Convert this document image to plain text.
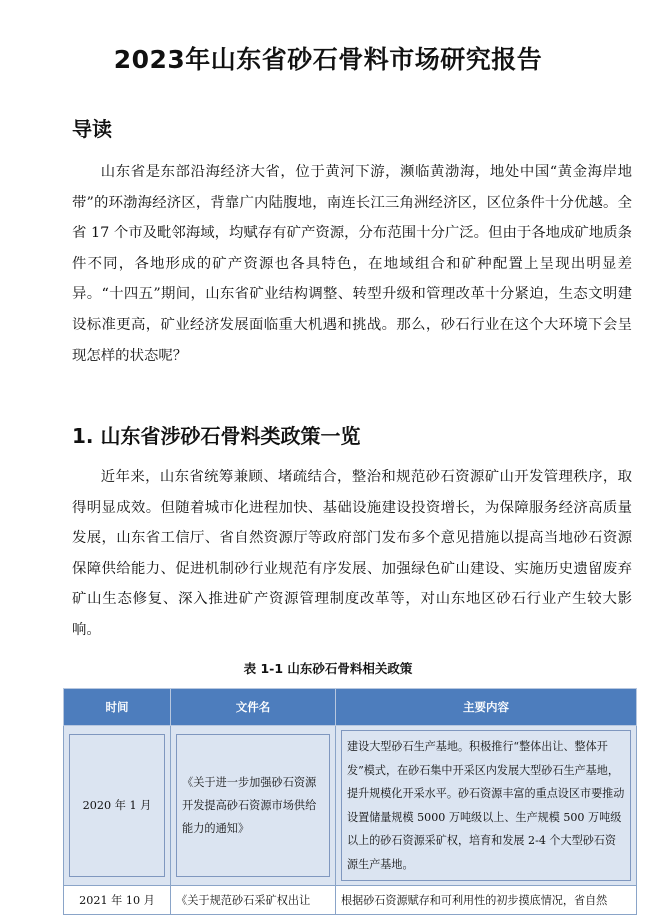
2023年山东省砂石骨料市场研究报告
导读

山东省是东部沿海经济大省，位于黄河下游，濒临黄渤海，地处中国“黄金海岸地带”的环渤海经济区，背靠广内陆腹地，南连长江三角洲经济区，区位条件十分优越。全省 17 个市及毗邻海域，均赋存有矿产资源，分布范围十分广泛。但由于各地成矿地质条件不同，各地形成的矿产资源也各具特色，在地域组合和矿种配置上呈现出明显差异。“十四五”期间，山东省矿业结构调整、转型升级和管理改革十分紧迫，生态文明建设标准更高，矿业经济发展面临重大机遇和挑战。那么，砂石行业在这个大环境下会呈现怎样的状态呢？

1. 山东省涉砂石骨料类政策一览

近年来，山东省统筹兼顾、堵疏结合，整治和规范砂石资源矿山开发管理秩序，取得明显成效。但随着城市化进程加快、基础设施建设投资增长，为保障服务经济高质量发展，山东省工信厅、省自然资源厅等政府部门发布多个意见措施以提高当地砂石资源保障供给能力、促进机制砂行业规范有序发展、加强绿色矿山建设、实施历史遗留废弃矿山生态修复、深入推进矿产资源管理制度改革等，对山东地区砂石行业产生较大影响。

表 1-1 山东砂石骨料相关政策
时间	文件名	主要内容

2020 年 1 月	《关于进一步加强砂石资源开发提高砂石资源市场供给能力的通知》	建设大型砂石生产基地。积极推行“整体出让、整体开发”模式，在砂石集中开采区内发展大型砂石生产基地，提升规模化开采水平。砂石资源丰富的重点设区市要推动设置储量规模 5000 万吨级以上、生产规模 500 万吨级以上的砂石资源采矿权，培育和发展 2-4 个大型砂石资源生产基地。

2021 年 10 月	《关于规范砂石采矿权出让	根据砂石资源赋存和可利用性的初步摸底情况，省自然
